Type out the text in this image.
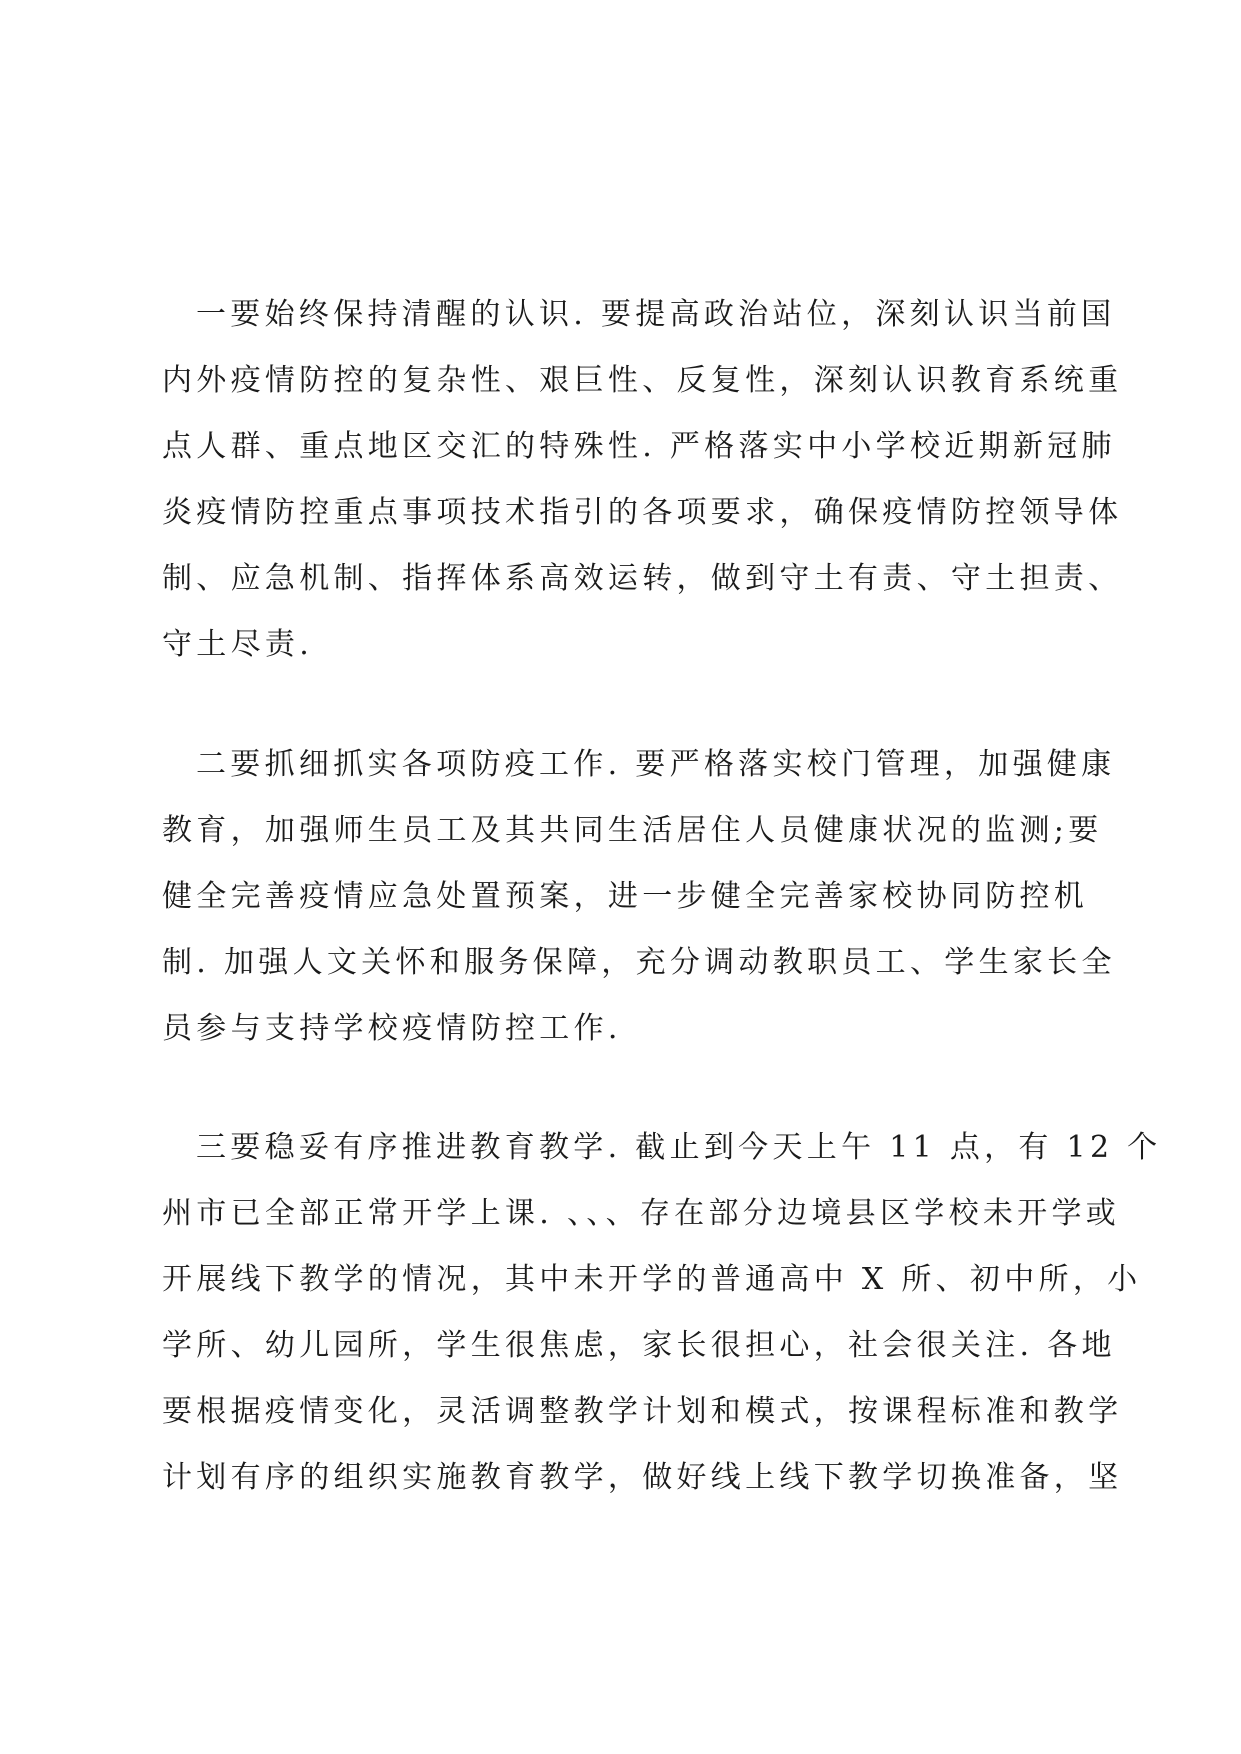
一要始终保持清醒的认识. 要提高政治站位，深刻认识当前国
内外疫情防控的复杂性、艰巨性、反复性，深刻认识教育系统重
点人群、重点地区交汇的特殊性. 严格落实中小学校近期新冠肺
炎疫情防控重点事项技术指引的各项要求，确保疫情防控领导体
制、应急机制、指挥体系高效运转，做到守土有责、守土担责、
守土尽责.
二要抓细抓实各项防疫工作. 要严格落实校门管理，加强健康
教育，加强师生员工及其共同生活居住人员健康状况的监测;要
健全完善疫情应急处置预案，进一步健全完善家校协同防控机
制. 加强人文关怀和服务保障，充分调动教职员工、学生家长全
员参与支持学校疫情防控工作.
三要稳妥有序推进教育教学. 截止到今天上午 11 点，有 12 个
州市已全部正常开学上课. 、、、存在部分边境县区学校未开学或
开展线下教学的情况，其中未开学的普通高中 X 所、初中所，小
学所、幼儿园所，学生很焦虑，家长很担心，社会很关注. 各地
要根据疫情变化，灵活调整教学计划和模式，按课程标准和教学
计划有序的组织实施教育教学，做好线上线下教学切换准备，坚
